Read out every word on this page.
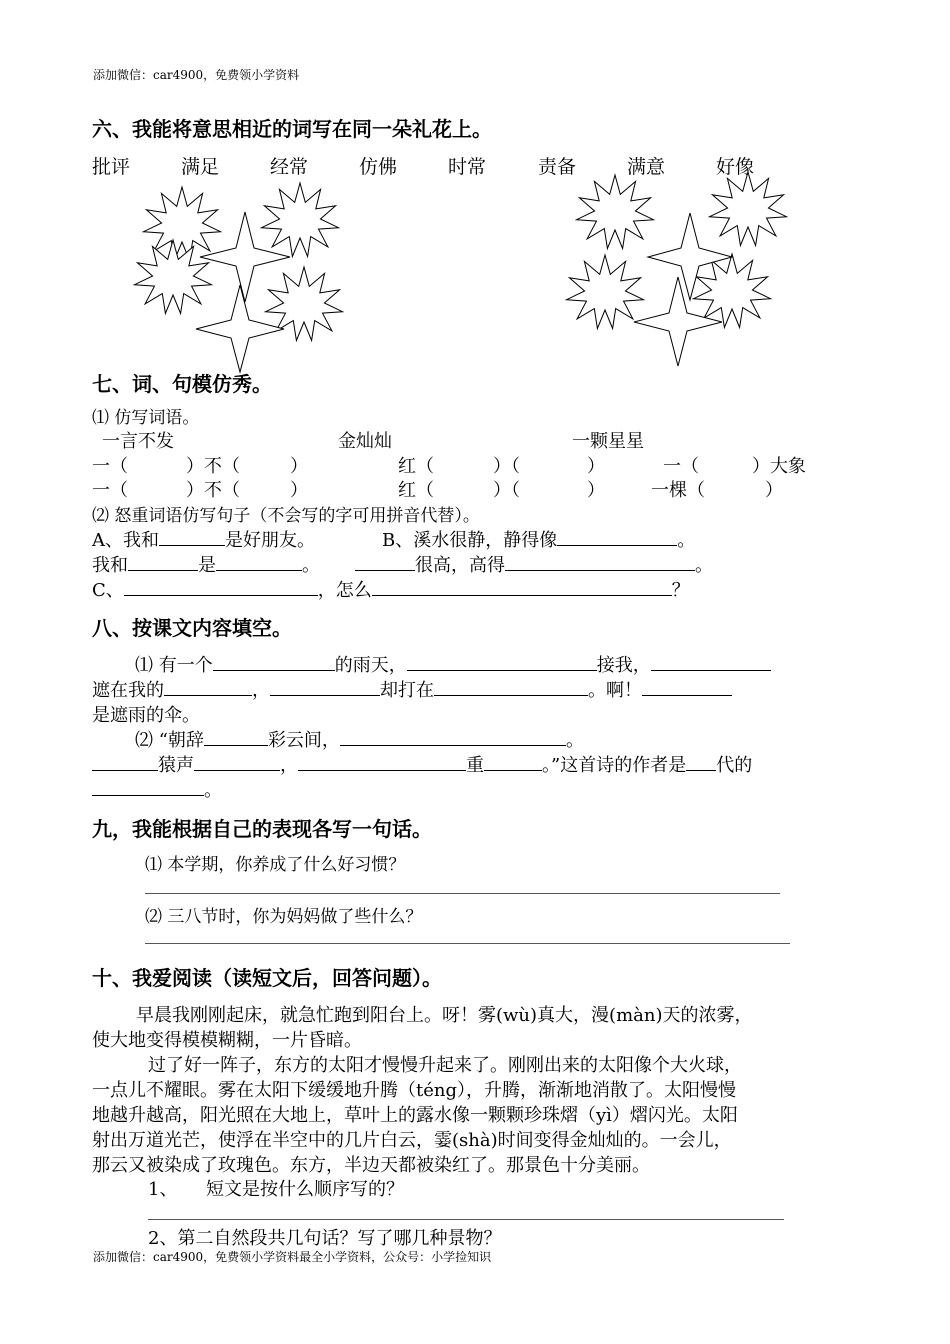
添加微信：car4900，免费领小学资料
六、我能将意思相近的词写在同一朵礼花上。
批评	满足	经常	仿佛	时常	责备	满意	好像
七、词、句模仿秀。
⑴ 仿写词语。
一言不发	金灿灿	一颗星星
一（	）不（	）	红（	）（	）	一（	）大象
一（	）不（	）	红（	）（	）	一棵（	）
⑵ 怒重词语仿写句子（不会写的字可用拼音代替）。
A、我和	是好朋友。	B、溪水很静，静得像	。
我和	是	。	很高，高得	。
C、	，怎么	？
八、按课文内容填空。
⑴ 有一个	的雨天，	接我，
遮在我的	，	却打在	。啊！
是遮雨的伞。
⑵ “朝辞	彩云间，	。
猿声	，	重	。”这首诗的作者是 代的
。
九，我能根据自己的表现各写一句话。
⑴ 本学期，你养成了什么好习惯？
⑵ 三八节时，你为妈妈做了些什么？
十、我爱阅读（读短文后，回答问题）。
早晨我刚刚起床，就急忙跑到阳台上。呀！雾(wù)真大，漫(màn)天的浓雾，
使大地变得模模糊糊，一片昏暗。
过了好一阵子，东方的太阳才慢慢升起来了。刚刚出来的太阳像个大火球，
一点儿不耀眼。雾在太阳下缓缓地升腾（téng），升腾，渐渐地消散了。太阳慢慢
地越升越高，阳光照在大地上，草叶上的露水像一颗颗珍珠熠（yì）熠闪光。太阳
射出万道光芒，使浮在半空中的几片白云，霎(shà)时间变得金灿灿的。一会儿，
那云又被染成了玫瑰色。东方，半边天都被染红了。那景色十分美丽。
1、 短文是按什么顺序写的？
2、第二自然段共几句话？写了哪几种景物？
添加微信：car4900，免费领小学资料最全小学资料，公众号：小学捡知识
